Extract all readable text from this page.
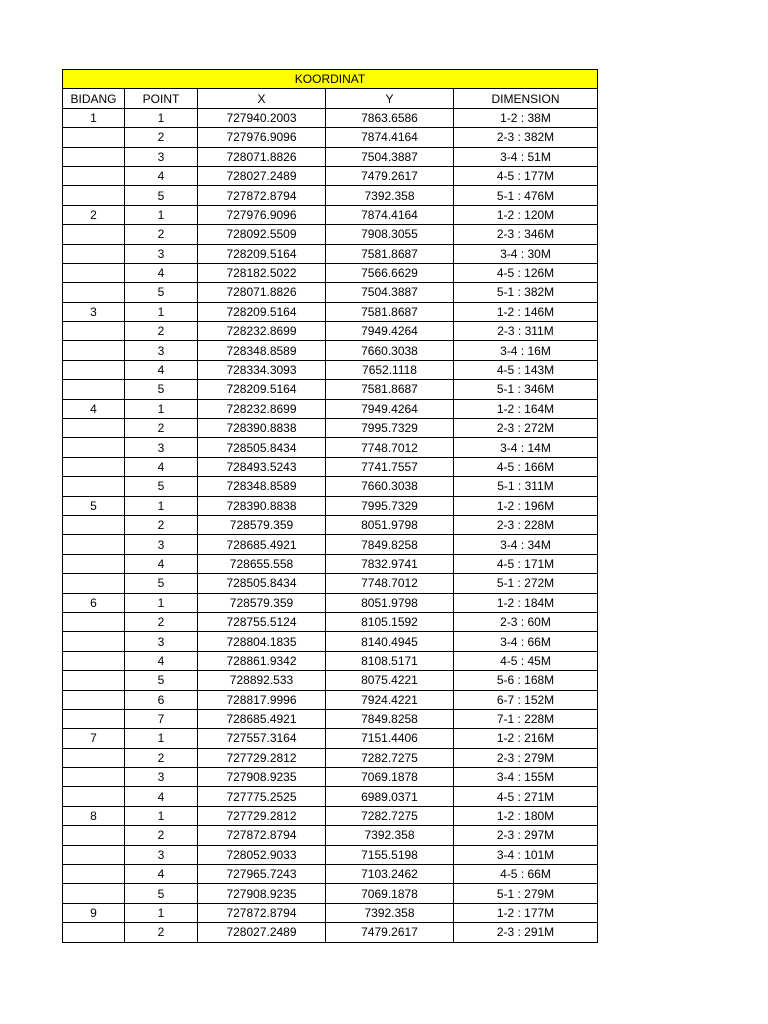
KOORDINAT				
BIDANG	POINT	X	Y	DIMENSION
1	1	727940.2003	7863.6586	1-2 : 38M
	2	727976.9096	7874.4164	2-3 : 382M
	3	728071.8826	7504.3887	3-4 : 51M
	4	728027.2489	7479.2617	4-5 : 177M
	5	727872.8794	7392.358	5-1 : 476M
2	1	727976.9096	7874.4164	1-2 : 120M
	2	728092.5509	7908.3055	2-3 : 346M
	3	728209.5164	7581.8687	3-4 : 30M
	4	728182.5022	7566.6629	4-5 : 126M
	5	728071.8826	7504.3887	5-1 : 382M
3	1	728209.5164	7581.8687	1-2 : 146M
	2	728232.8699	7949.4264	2-3 : 311M
	3	728348.8589	7660.3038	3-4 : 16M
	4	728334.3093	7652.1118	4-5 : 143M
	5	728209.5164	7581.8687	5-1 : 346M
4	1	728232.8699	7949.4264	1-2 : 164M
	2	728390.8838	7995.7329	2-3 : 272M
	3	728505.8434	7748.7012	3-4 : 14M
	4	728493.5243	7741.7557	4-5 : 166M
	5	728348.8589	7660.3038	5-1 : 311M
5	1	728390.8838	7995.7329	1-2 : 196M
	2	728579.359	8051.9798	2-3 : 228M
	3	728685.4921	7849.8258	3-4 : 34M
	4	728655.558	7832.9741	4-5 : 171M
	5	728505.8434	7748.7012	5-1 : 272M
6	1	728579.359	8051.9798	1-2 : 184M
	2	728755.5124	8105.1592	2-3 : 60M
	3	728804.1835	8140.4945	3-4 : 66M
	4	728861.9342	8108.5171	4-5 : 45M
	5	728892.533	8075.4221	5-6 : 168M
	6	728817.9996	7924.4221	6-7 : 152M
	7	728685.4921	7849.8258	7-1 : 228M
7	1	727557.3164	7151.4406	1-2 : 216M
	2	727729.2812	7282.7275	2-3 : 279M
	3	727908.9235	7069.1878	3-4 : 155M
	4	727775.2525	6989.0371	4-5 : 271M
8	1	727729.2812	7282.7275	1-2 : 180M
	2	727872.8794	7392.358	2-3 : 297M
	3	728052.9033	7155.5198	3-4 : 101M
	4	727965.7243	7103.2462	4-5 : 66M
	5	727908.9235	7069.1878	5-1 : 279M
9	1	727872.8794	7392.358	1-2 : 177M
	2	728027.2489	7479.2617	2-3 : 291M
